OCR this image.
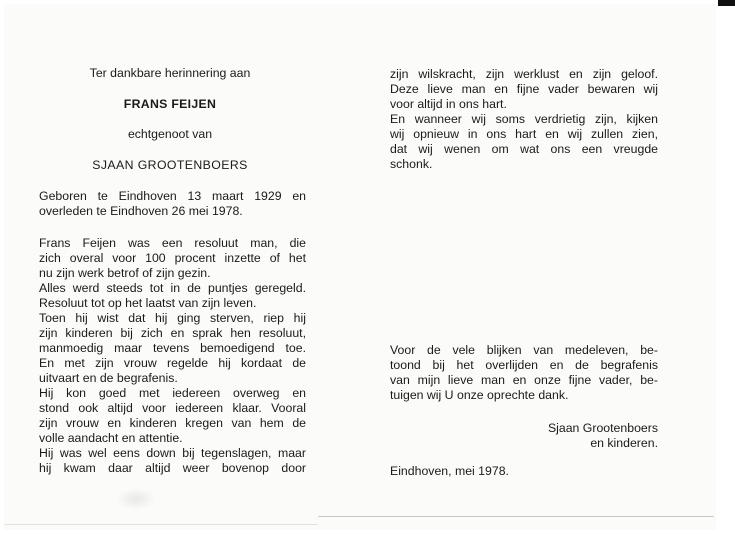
Ter dankbare herinnering aan
FRANS FEIJEN
echtgenoot van
SJAAN GROOTENBOERS
Geboren te Eindhoven 13 maart 1929 en
overleden te Eindhoven 26 mei 1978.
Frans Feijen was een resoluut man, die
zich overal voor 100 procent inzette of het
nu zijn werk betrof of zijn gezin.
Alles werd steeds tot in de puntjes geregeld.
Resoluut tot op het laatst van zijn leven.
Toen hij wist dat hij ging sterven, riep hij
zijn kinderen bij zich en sprak hen resoluut,
manmoedig maar tevens bemoedigend toe.
En met zijn vrouw regelde hij kordaat de
uitvaart en de begrafenis.
Hij kon goed met iedereen overweg en
stond ook altijd voor iedereen klaar. Vooral
zijn vrouw en kinderen kregen van hem de
volle aandacht en attentie.
Hij was wel eens down bij tegenslagen, maar
hij kwam daar altijd weer bovenop door
zijn wilskracht, zijn werklust en zijn geloof.
Deze lieve man en fijne vader bewaren wij
voor altijd in ons hart.
En wanneer wij soms verdrietig zijn, kijken
wij opnieuw in ons hart en wij zullen zien,
dat wij wenen om wat ons een vreugde
schonk.
Voor de vele blijken van medeleven, be-
toond bij het overlijden en de begrafenis
van mijn lieve man en onze fijne vader, be-
tuigen wij U onze oprechte dank.
Sjaan Grootenboers
en kinderen.
Eindhoven, mei 1978.
